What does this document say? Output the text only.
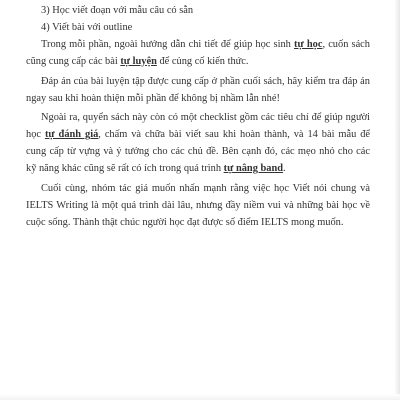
3) Học viết đoạn với mẫu câu có sẵn

4) Viết bài với outline

Trong mỗi phần, ngoài hướng dẫn chi tiết để giúp học sinh tự học, cuốn sách cũng cung cấp các bài tự luyện để củng cố kiến thức.

Đáp án của bài luyện tập được cung cấp ở phần cuối sách, hãy kiểm tra đáp án ngay sau khi hoàn thiện mỗi phần để không bị nhầm lẫn nhé!

Ngoài ra, quyển sách này còn có một checklist gồm các tiêu chí để giúp người học tự đánh giá, chấm và chữa bài viết sau khi hoàn thành, và 14 bài mẫu để cung cấp từ vựng và ý tưởng cho các chủ đề. Bên cạnh đó, các mẹo nhỏ cho các kỹ năng khác cũng sẽ rất có ích trong quá trình tự nâng band.

Cuối cùng, nhóm tác giả muốn nhấn mạnh rằng việc học Viết nói chung và IELTS Writing là một quá trình dài lâu, nhưng đầy niềm vui và những bài học về cuộc sống. Thành thật chúc người học đạt được số điểm IELTS mong muốn.
